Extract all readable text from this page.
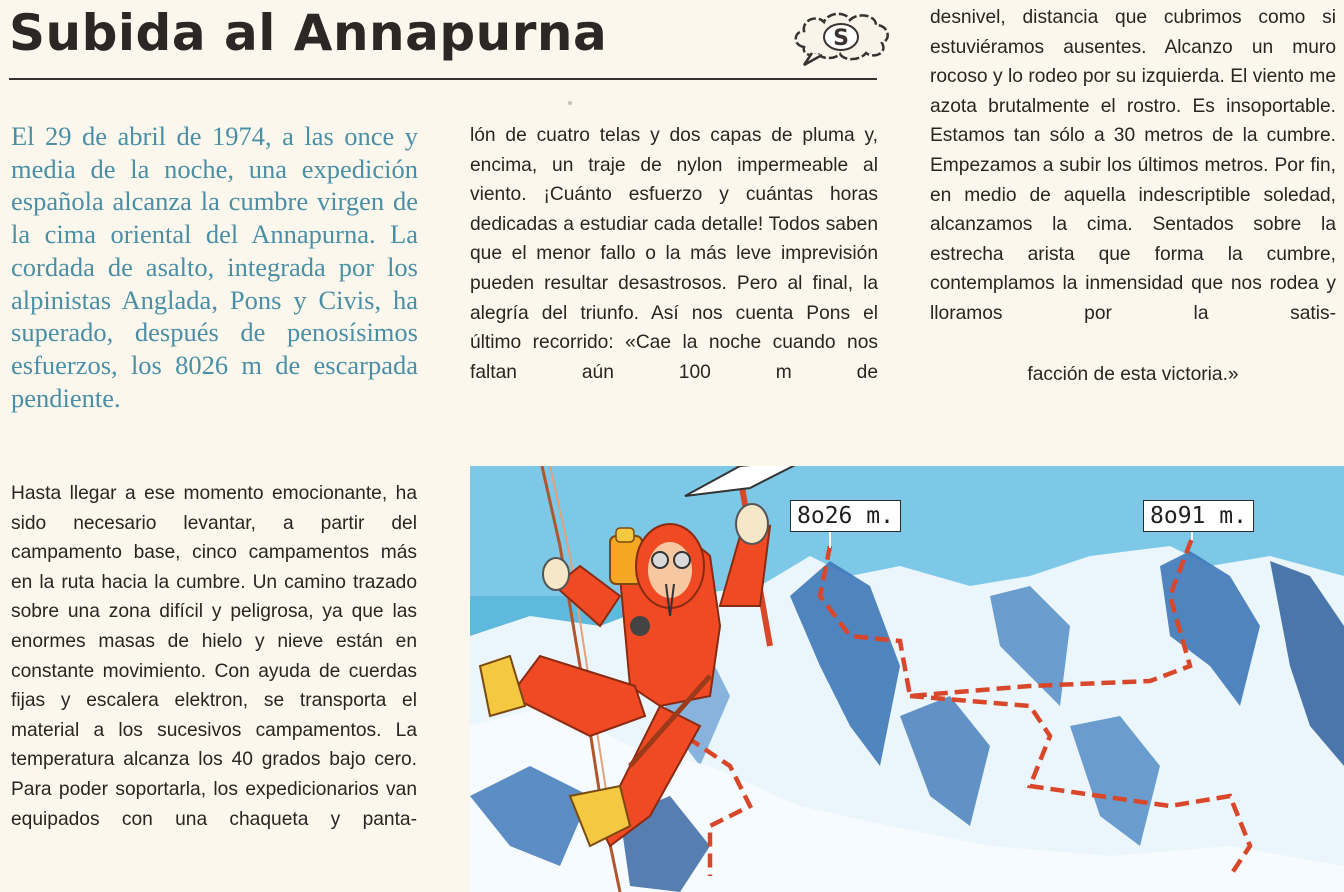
Subida al Annapurna	S

El 29 de abril de 1974, a las once y media de la noche, una expedición española alcanza la cumbre virgen de la cima oriental del Annapurna. La cordada de asalto, integrada por los alpinistas Anglada, Pons y Civis, ha superado, después de penosísimos esfuerzos, los 8026 m de escarpada pendiente.

Hasta llegar a ese momento emocionante, ha sido necesario levantar, a partir del campamento base, cinco campamentos más en la ruta hacia la cumbre. Un camino trazado sobre una zona difícil y peligrosa, ya que las enormes masas de hielo y nieve están en constante movimiento. Con ayuda de cuerdas fijas y escalera elektron, se transporta el material a los sucesivos campamentos. La temperatura alcanza los 40 grados bajo cero. Para poder soportarla, los expedicionarios van equipados con una chaqueta y panta-

lón de cuatro telas y dos capas de pluma y, encima, un traje de nylon impermeable al viento. ¡Cuánto esfuerzo y cuántas horas dedicadas a estudiar cada detalle! Todos saben que el menor fallo o la más leve imprevisión pueden resultar desastrosos. Pero al final, la alegría del triunfo. Así nos cuenta Pons el último recorrido: «Cae la noche cuando nos faltan aún 100 m de

desnivel, distancia que cubrimos como si estuviéramos ausentes. Alcanzo un muro rocoso y lo rodeo por su izquierda. El viento me azota brutalmente el rostro. Es insoportable. Estamos tan sólo a 30 metros de la cumbre. Empezamos a subir los últimos metros. Por fin, en medio de aquella indescriptible soledad, alcanzamos la cima. Sentados sobre la estrecha arista que forma la cumbre, contemplamos la inmensidad que nos rodea y lloramos por la satis-

facción de esta victoria.»

8o26 m.	8o91 m.
